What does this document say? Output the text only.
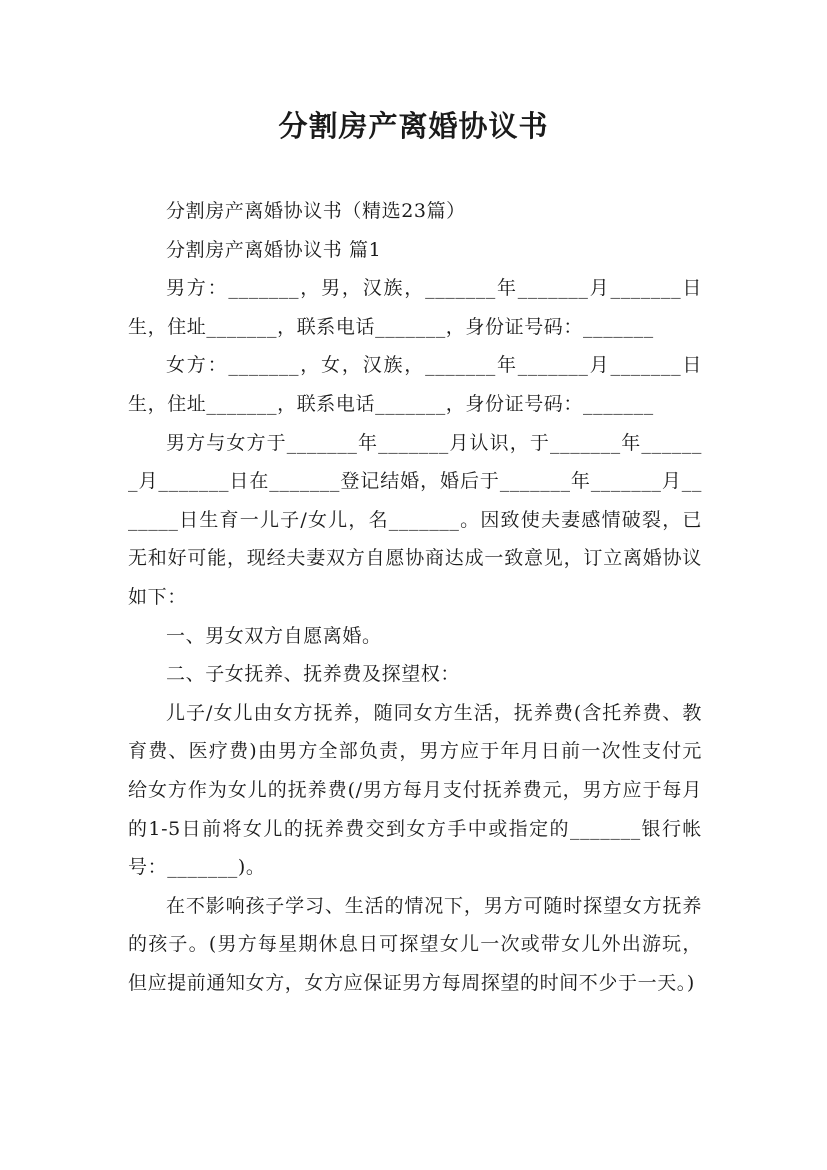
分割房产离婚协议书

分割房产离婚协议书（精选23篇）

分割房产离婚协议书 篇1

男方：_______，男，汉族，_______年_______月_______日生，住址_______，联系电话_______，身份证号码：_______

女方：_______，女，汉族，_______年_______月_______日生，住址_______，联系电话_______，身份证号码：_______

男方与女方于_______年_______月认识，于_______年_______月_______日在_______登记结婚，婚后于_______年_______月_______日生育一儿子/女儿，名_______。因致使夫妻感情破裂，已无和好可能，现经夫妻双方自愿协商达成一致意见，订立离婚协议如下：

一、男女双方自愿离婚。

二、子女抚养、抚养费及探望权：

儿子/女儿由女方抚养，随同女方生活，抚养费(含托养费、教育费、医疗费)由男方全部负责，男方应于年月日前一次性支付元给女方作为女儿的抚养费(/男方每月支付抚养费元，男方应于每月的1-5日前将女儿的抚养费交到女方手中或指定的_______银行帐号：_______)。

在不影响孩子学习、生活的情况下，男方可随时探望女方抚养的孩子。(男方每星期休息日可探望女儿一次或带女儿外出游玩，但应提前通知女方，女方应保证男方每周探望的时间不少于一天。)
